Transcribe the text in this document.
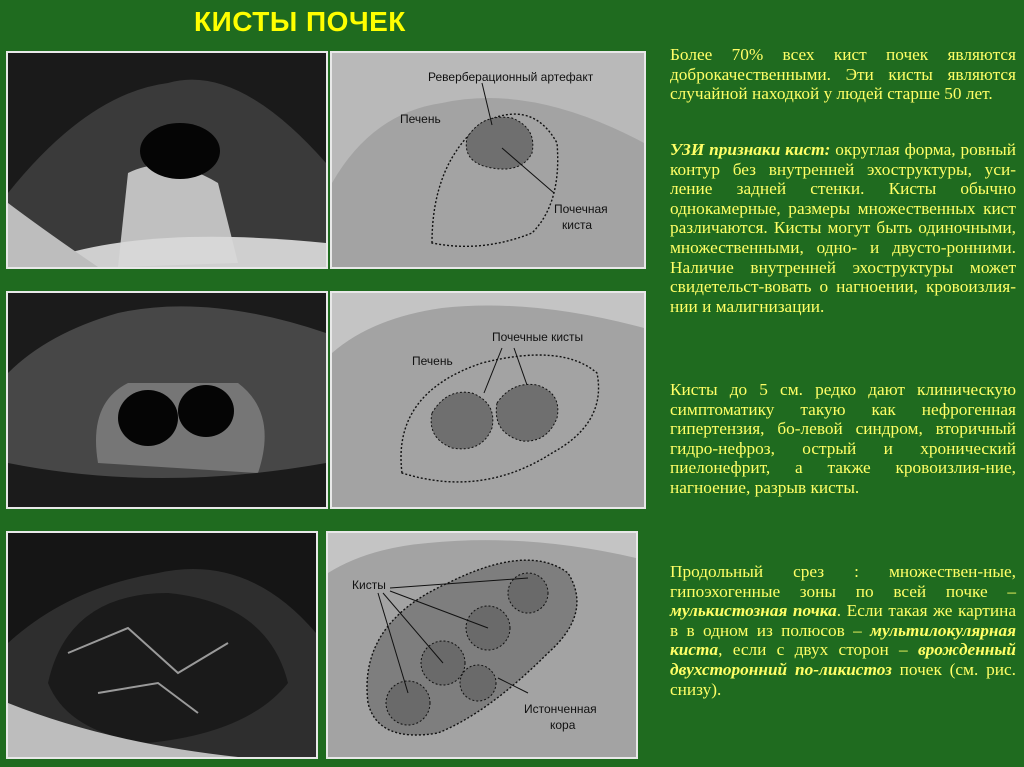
КИСТЫ ПОЧЕК
Реверберационный артефакт
Печень
Почечная
киста
Почечные кисты
Печень
Кисты
Истонченная
кора

Более 70% всех кист почек являются доброкачественными. Эти кисты являются случайной находкой у людей старше 50 лет.

УЗИ признаки кист: округлая форма, ровный контур без внутренней эхоструктуры, уси-ление задней стенки. Кисты обычно однокамерные, размеры множественных кист различаются. Кисты могут быть одиночными, множественными, одно- и двусто-ронними. Наличие внутренней эхоструктуры может свидетельст-вовать о нагноении, кровоизлия-нии и малигнизации.

Кисты до 5 см. редко дают клиническую симптоматику такую как нефрогенная гипертензия, бо-левой синдром, вторичный гидро-нефроз, острый и хронический пиелонефрит, а также кровоизлия-ние, нагноение, разрыв кисты.

Продольный срез : множествен-ные, гипоэхогенные зоны по всей почке – мулькистозная почка. Если такая же картина в в одном из полюсов – мультилокулярная киста, если с двух сторон – врожденный двухсторонний по-ликистоз почек (см. рис. снизу).
